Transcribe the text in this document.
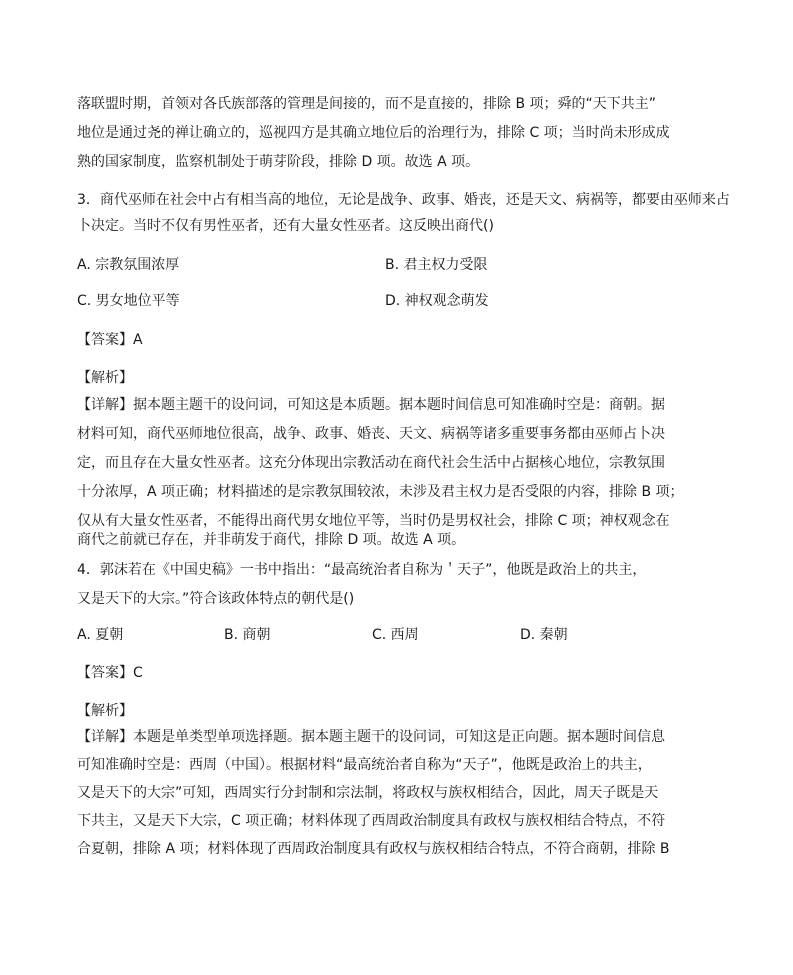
落联盟时期，首领对各氏族部落的管理是间接的，而不是直接的，排除 B 项；舜的“天下共主”
地位是通过尧的禅让确立的，巡视四方是其确立地位后的治理行为，排除 C 项；当时尚未形成成
熟的国家制度，监察机制处于萌芽阶段，排除 D 项。故选 A 项。
3．商代巫师在社会中占有相当高的地位，无论是战争、政事、婚丧，还是天文、病祸等，都要由巫师来占
卜决定。当时不仅有男性巫者，还有大量女性巫者。这反映出商代()
A. 宗教氛围浓厚	B. 君主权力受限
C. 男女地位平等	D. 神权观念萌发
【答案】A
【解析】
【详解】据本题主题干的设问词，可知这是本质题。据本题时间信息可知准确时空是：商朝。据
材料可知，商代巫师地位很高，战争、政事、婚丧、天文、病祸等诸多重要事务都由巫师占卜决
定，而且存在大量女性巫者。这充分体现出宗教活动在商代社会生活中占据核心地位，宗教氛围
十分浓厚，A 项正确；材料描述的是宗教氛围较浓，未涉及君主权力是否受限的内容，排除 B 项；
仅从有大量女性巫者，不能得出商代男女地位平等，当时仍是男权社会，排除 C 项；神权观念在
商代之前就已存在，并非萌发于商代，排除 D 项。故选 A 项。
4．郭沫若在《中国史稿》一书中指出：“最高统治者自称为＇天子”，他既是政治上的共主，
又是天下的大宗。”符合该政体特点的朝代是()
A. 夏朝	B. 商朝	C. 西周	D. 秦朝
【答案】C
【解析】
【详解】本题是单类型单项选择题。据本题主题干的设问词，可知这是正向题。据本题时间信息
可知准确时空是：西周（中国）。根据材料“最高统治者自称为“天子”，他既是政治上的共主，
又是天下的大宗”可知，西周实行分封制和宗法制，将政权与族权相结合，因此，周天子既是天
下共主，又是天下大宗，C 项正确；材料体现了西周政治制度具有政权与族权相结合特点，不符
合夏朝，排除 A 项；材料体现了西周政治制度具有政权与族权相结合特点，不符合商朝，排除 B
